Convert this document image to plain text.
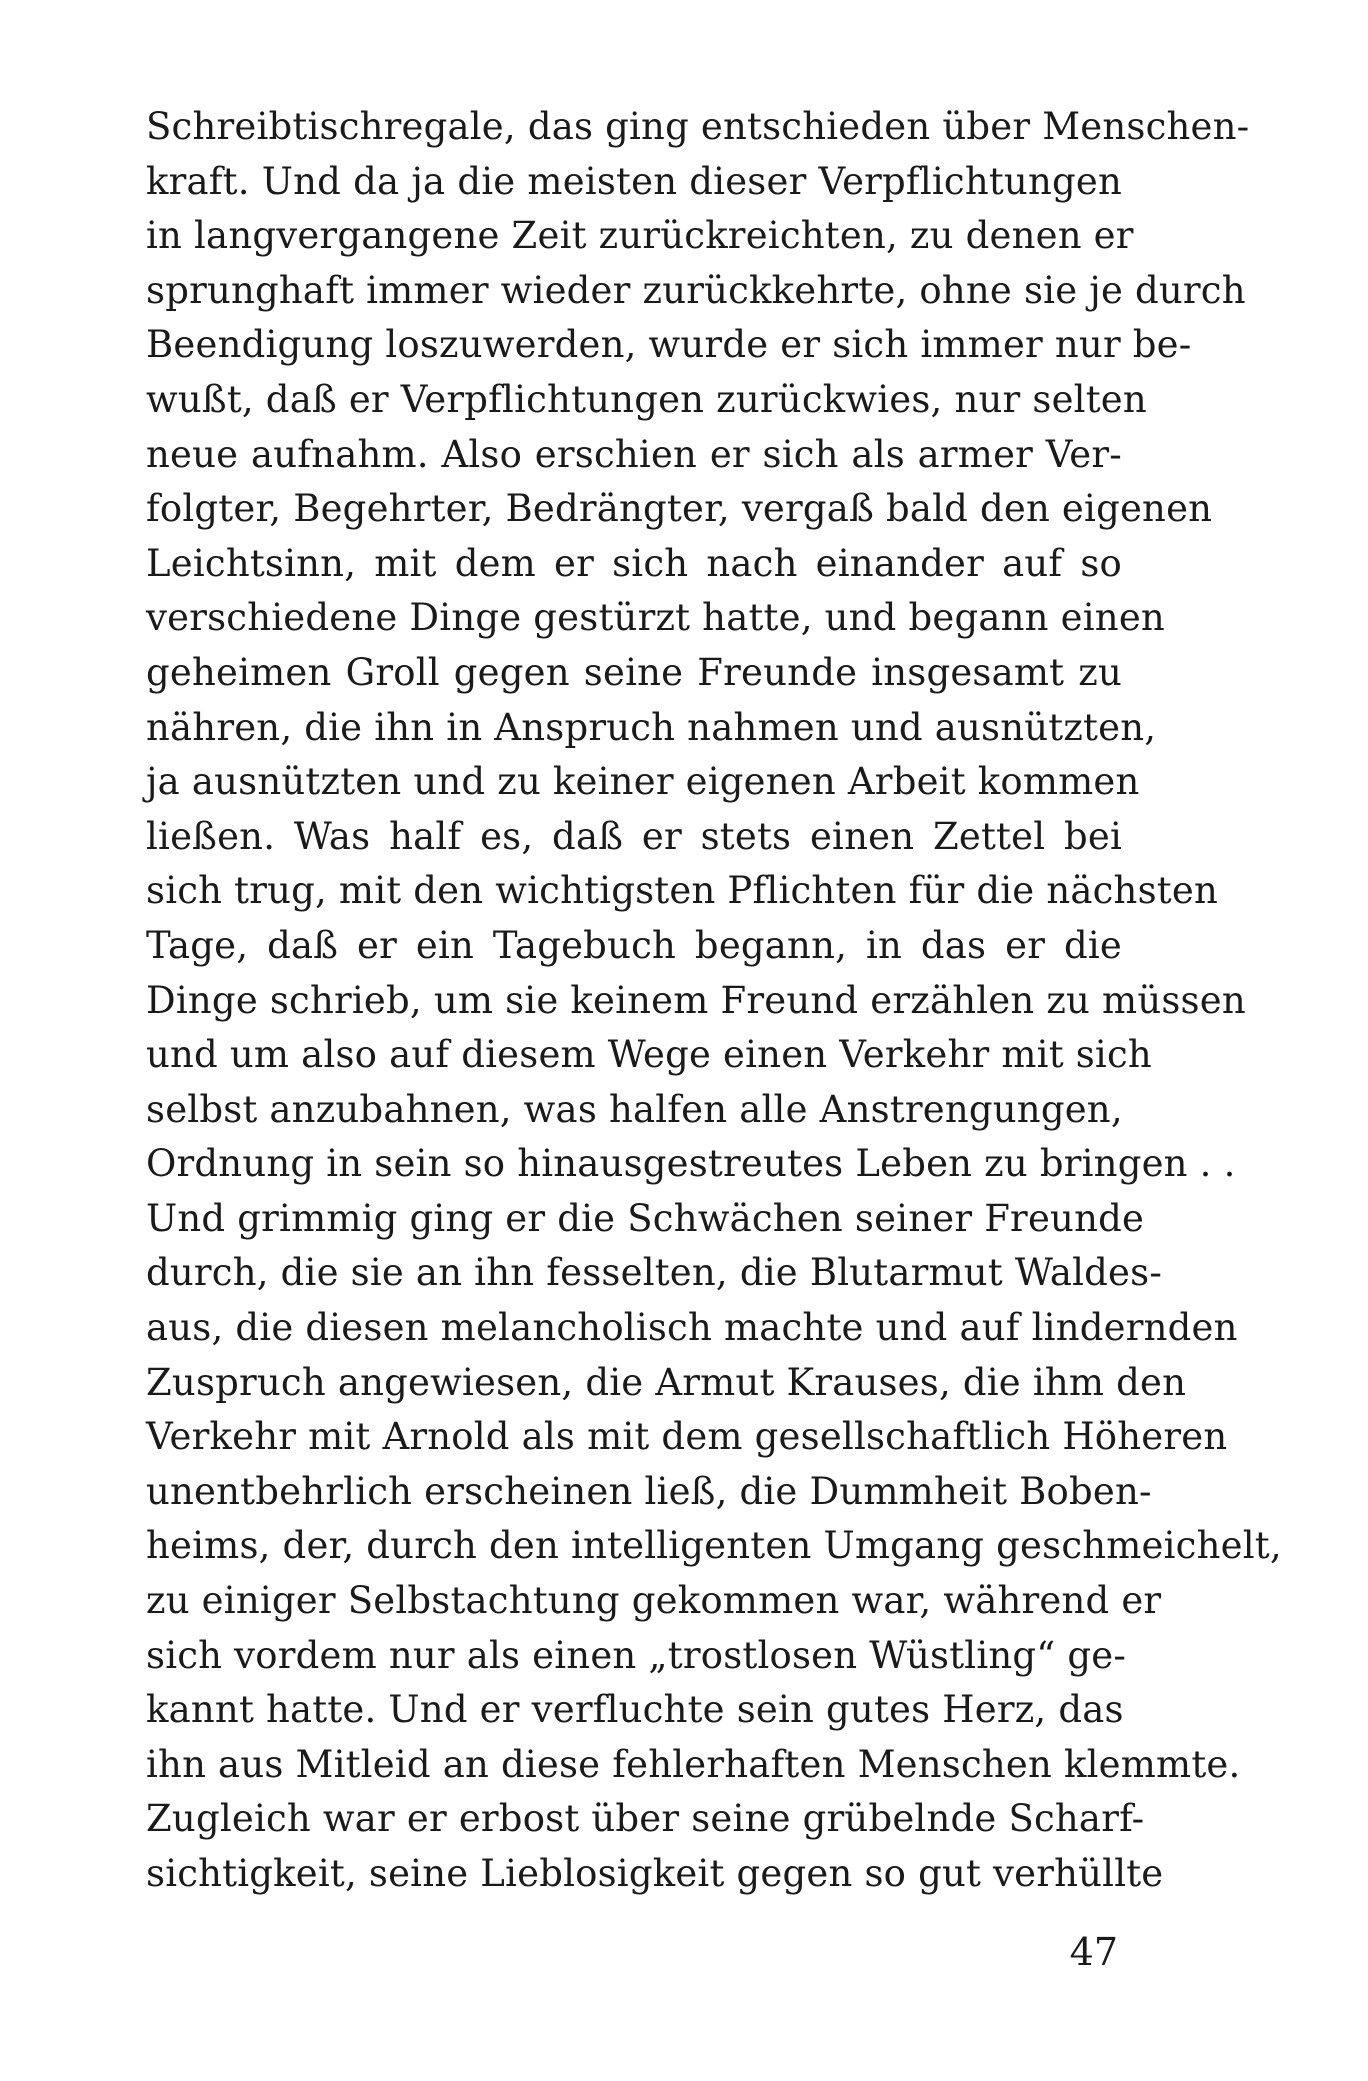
Schreibtischregale, das ging entschieden über Menschen-
kraft. Und da ja die meisten dieser Verpflichtungen
in langvergangene Zeit zurückreichten, zu denen er
sprunghaft immer wieder zurückkehrte, ohne sie je durch
Beendigung loszuwerden, wurde er sich immer nur be-
wußt, daß er Verpflichtungen zurückwies, nur selten
neue aufnahm. Also erschien er sich als armer Ver-
folgter, Begehrter, Bedrängter, vergaß bald den eigenen
Leichtsinn, mit dem er sich nach einander auf so
verschiedene Dinge gestürzt hatte, und begann einen
geheimen Groll gegen seine Freunde insgesamt zu
nähren, die ihn in Anspruch nahmen und ausnützten,
ja ausnützten und zu keiner eigenen Arbeit kommen
ließen. Was half es, daß er stets einen Zettel bei
sich trug, mit den wichtigsten Pflichten für die nächsten
Tage, daß er ein Tagebuch begann, in das er die
Dinge schrieb, um sie keinem Freund erzählen zu müssen
und um also auf diesem Wege einen Verkehr mit sich
selbst anzubahnen, was halfen alle Anstrengungen,
Ordnung in sein so hinausgestreutes Leben zu bringen . .
Und grimmig ging er die Schwächen seiner Freunde
durch, die sie an ihn fesselten, die Blutarmut Waldes-
aus, die diesen melancholisch machte und auf lindernden
Zuspruch angewiesen, die Armut Krauses, die ihm den
Verkehr mit Arnold als mit dem gesellschaftlich Höheren
unentbehrlich erscheinen ließ, die Dummheit Boben-
heims, der, durch den intelligenten Umgang geschmeichelt,
zu einiger Selbstachtung gekommen war, während er
sich vordem nur als einen „trostlosen Wüstling“ ge-
kannt hatte. Und er verfluchte sein gutes Herz, das
ihn aus Mitleid an diese fehlerhaften Menschen klemmte.
Zugleich war er erbost über seine grübelnde Scharf-
sichtigkeit, seine Lieblosigkeit gegen so gut verhüllte
47
